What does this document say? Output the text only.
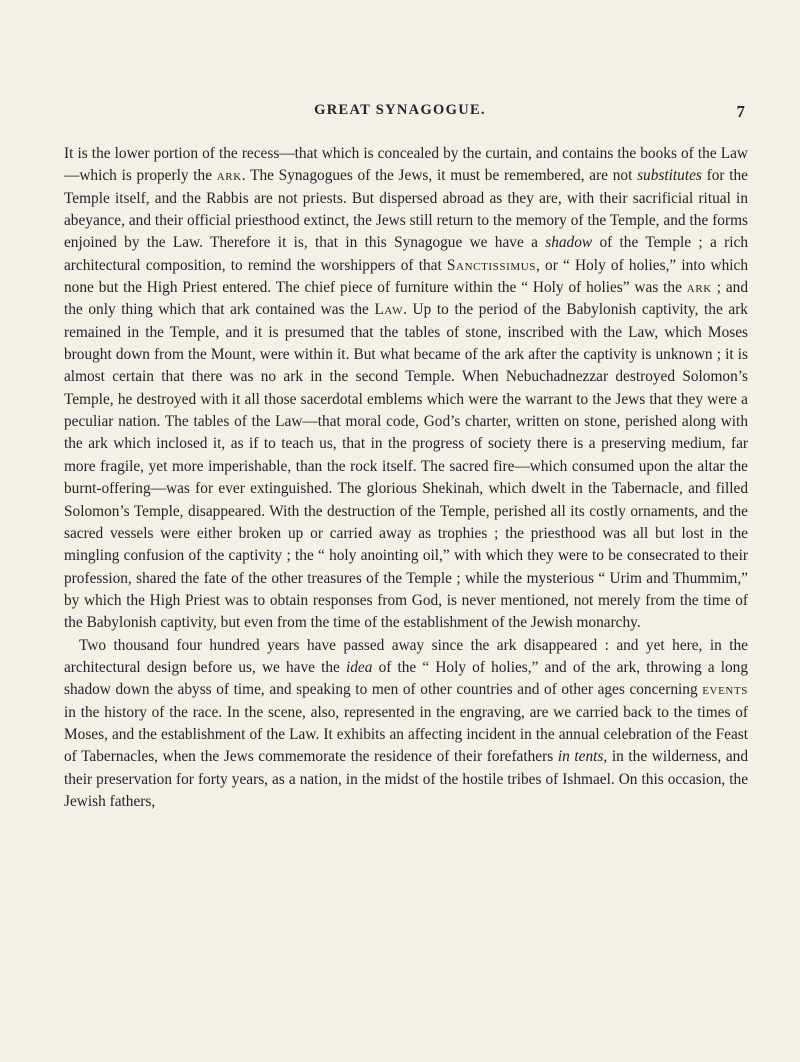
GREAT SYNAGOGUE.	7

It is the lower portion of the recess—that which is concealed by the curtain, and contains the books of the Law—which is properly the ark. The Synagogues of the Jews, it must be remembered, are not substitutes for the Temple itself, and the Rabbis are not priests. But dispersed abroad as they are, with their sacrificial ritual in abeyance, and their official priesthood extinct, the Jews still return to the memory of the Temple, and the forms enjoined by the Law. Therefore it is, that in this Synagogue we have a shadow of the Temple ; a rich architectural composition, to remind the worshippers of that Sanctissimus, or “ Holy of holies,” into which none but the High Priest entered. The chief piece of furniture within the “ Holy of holies” was the ark ; and the only thing which that ark contained was the Law. Up to the period of the Babylonish captivity, the ark remained in the Temple, and it is presumed that the tables of stone, inscribed with the Law, which Moses brought down from the Mount, were within it. But what became of the ark after the captivity is unknown ; it is almost certain that there was no ark in the second Temple. When Nebuchadnezzar destroyed Solomon’s Temple, he destroyed with it all those sacerdotal emblems which were the warrant to the Jews that they were a peculiar nation. The tables of the Law—that moral code, God’s charter, written on stone, perished along with the ark which inclosed it, as if to teach us, that in the progress of society there is a preserving medium, far more fragile, yet more imperishable, than the rock itself. The sacred fire—which consumed upon the altar the burnt-offering—was for ever extinguished. The glorious Shekinah, which dwelt in the Tabernacle, and filled Solomon’s Temple, disappeared. With the destruction of the Temple, perished all its costly ornaments, and the sacred vessels were either broken up or carried away as trophies ; the priesthood was all but lost in the mingling confusion of the captivity ; the “ holy anointing oil,” with which they were to be consecrated to their profession, shared the fate of the other treasures of the Temple ; while the mysterious “ Urim and Thummim,” by which the High Priest was to obtain responses from God, is never mentioned, not merely from the time of the Babylonish captivity, but even from the time of the establishment of the Jewish monarchy.

Two thousand four hundred years have passed away since the ark disappeared : and yet here, in the architectural design before us, we have the idea of the “ Holy of holies,” and of the ark, throwing a long shadow down the abyss of time, and speaking to men of other countries and of other ages concerning events in the history of the race. In the scene, also, represented in the engraving, are we carried back to the times of Moses, and the establishment of the Law. It exhibits an affecting incident in the annual celebration of the Feast of Tabernacles, when the Jews commemorate the residence of their forefathers in tents, in the wilderness, and their preservation for forty years, as a nation, in the midst of the hostile tribes of Ishmael. On this occasion, the Jewish fathers,
